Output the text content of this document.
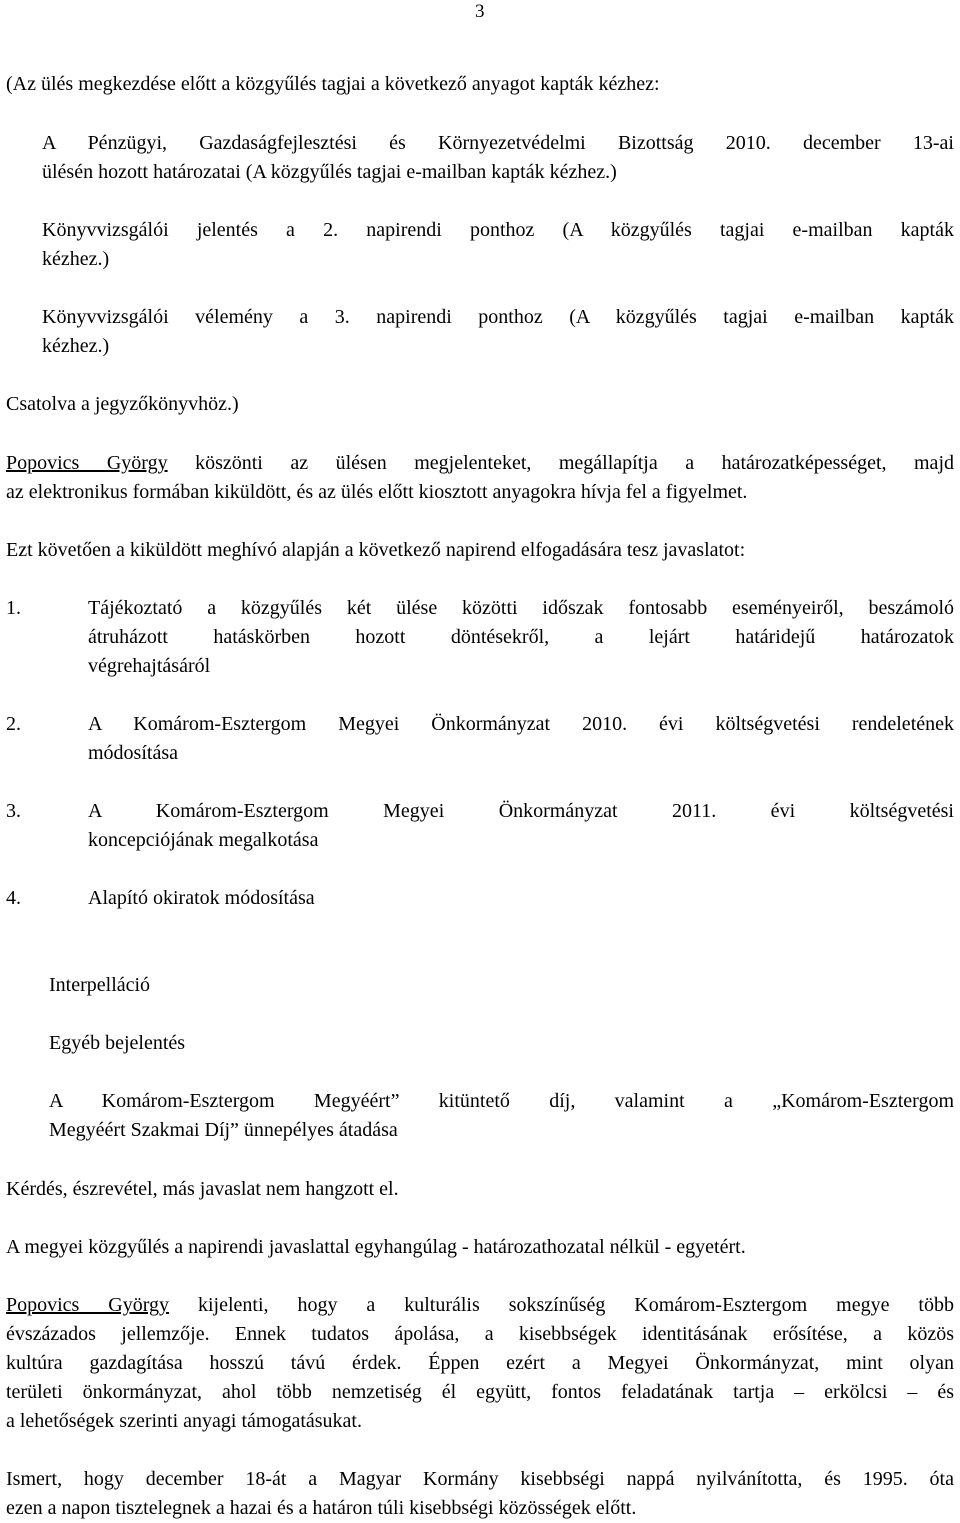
3

(Az ülés megkezdése előtt a közgyűlés tagjai a következő anyagot kapták kézhez:

A Pénzügyi, Gazdaságfejlesztési és Környezetvédelmi Bizottság 2010. december 13-ai
ülésén hozott határozatai (A közgyűlés tagjai e-mailban kapták kézhez.)
Könyvvizsgálói jelentés a 2. napirendi ponthoz (A közgyűlés tagjai e-mailban kapták
kézhez.)
Könyvvizsgálói vélemény a 3. napirendi ponthoz (A közgyűlés tagjai e-mailban kapták
kézhez.)

Csatolva a jegyzőkönyvhöz.)

Popovics György köszönti az ülésen megjelenteket, megállapítja a határozatképességet, majd
az elektronikus formában kiküldött, és az ülés előtt kiosztott anyagokra hívja fel a figyelmet.

Ezt követően a kiküldött meghívó alapján a következő napirend elfogadására tesz javaslatot:

1.	Tájékoztató a közgyűlés két ülése közötti időszak fontosabb eseményeiről, beszámoló
átruházott hatáskörben hozott döntésekről, a lejárt határidejű határozatok
végrehajtásáról
2.	A Komárom-Esztergom Megyei Önkormányzat 2010. évi költségvetési rendeletének
módosítása
3.	A Komárom-Esztergom Megyei Önkormányzat 2011. évi költségvetési
koncepciójának megalkotása
4.	Alapító okiratok módosítása

Interpelláció

Egyéb bejelentés

A Komárom-Esztergom Megyéért” kitüntető díj, valamint a „Komárom-Esztergom
Megyéért Szakmai Díj” ünnepélyes átadása

Kérdés, észrevétel, más javaslat nem hangzott el.

A megyei közgyűlés a napirendi javaslattal egyhangúlag - határozathozatal nélkül - egyetért.

Popovics György kijelenti, hogy a kulturális sokszínűség Komárom-Esztergom megye több
évszázados jellemzője. Ennek tudatos ápolása, a kisebbségek identitásának erősítése, a közös
kultúra gazdagítása hosszú távú érdek. Éppen ezért a Megyei Önkormányzat, mint olyan
területi önkormányzat, ahol több nemzetiség él együtt, fontos feladatának tartja – erkölcsi – és
a lehetőségek szerinti anyagi támogatásukat.
Ismert, hogy december 18-át a Magyar Kormány kisebbségi nappá nyilvánította, és 1995. óta
ezen a napon tisztelegnek a hazai és a határon túli kisebbségi közösségek előtt.
